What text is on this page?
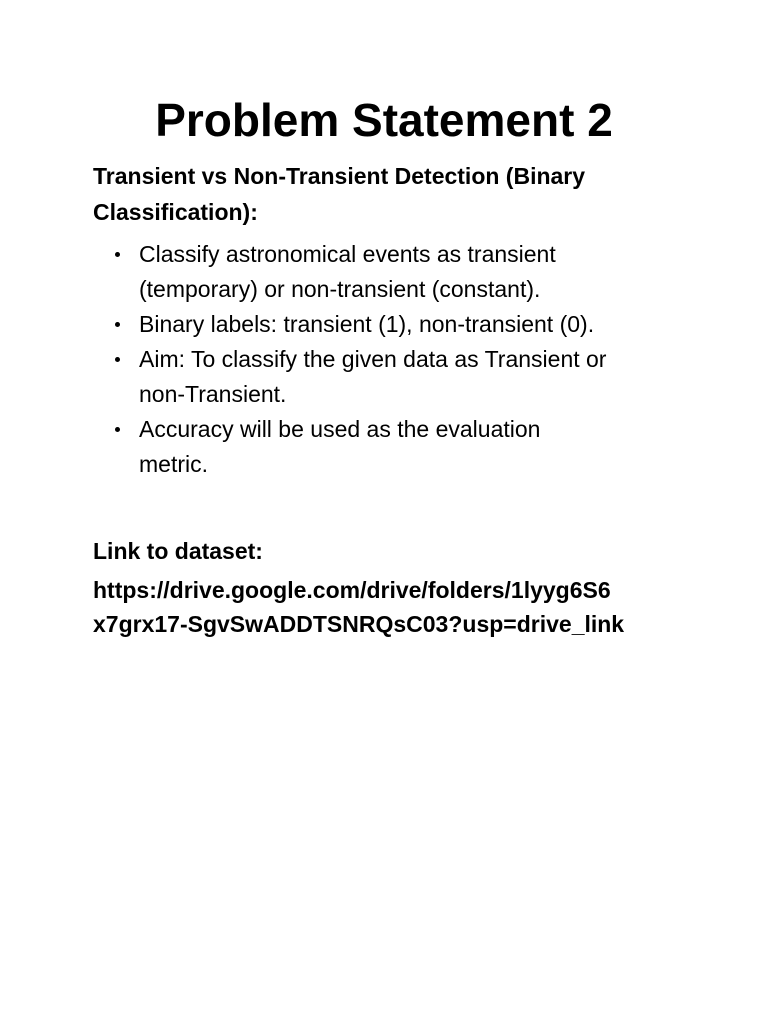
Problem Statement 2
Transient vs Non-Transient Detection (Binary
Classification):
Classify astronomical events as transient
(temporary) or non-transient (constant).
Binary labels: transient (1), non-transient (0).
Aim: To classify the given data as Transient or
non-Transient.
Accuracy will be used as the evaluation
metric.
Link to dataset:
https://drive.google.com/drive/folders/1lyyg6S6
x7grx17-SgvSwADDTSNRQsC03?usp=drive_link
